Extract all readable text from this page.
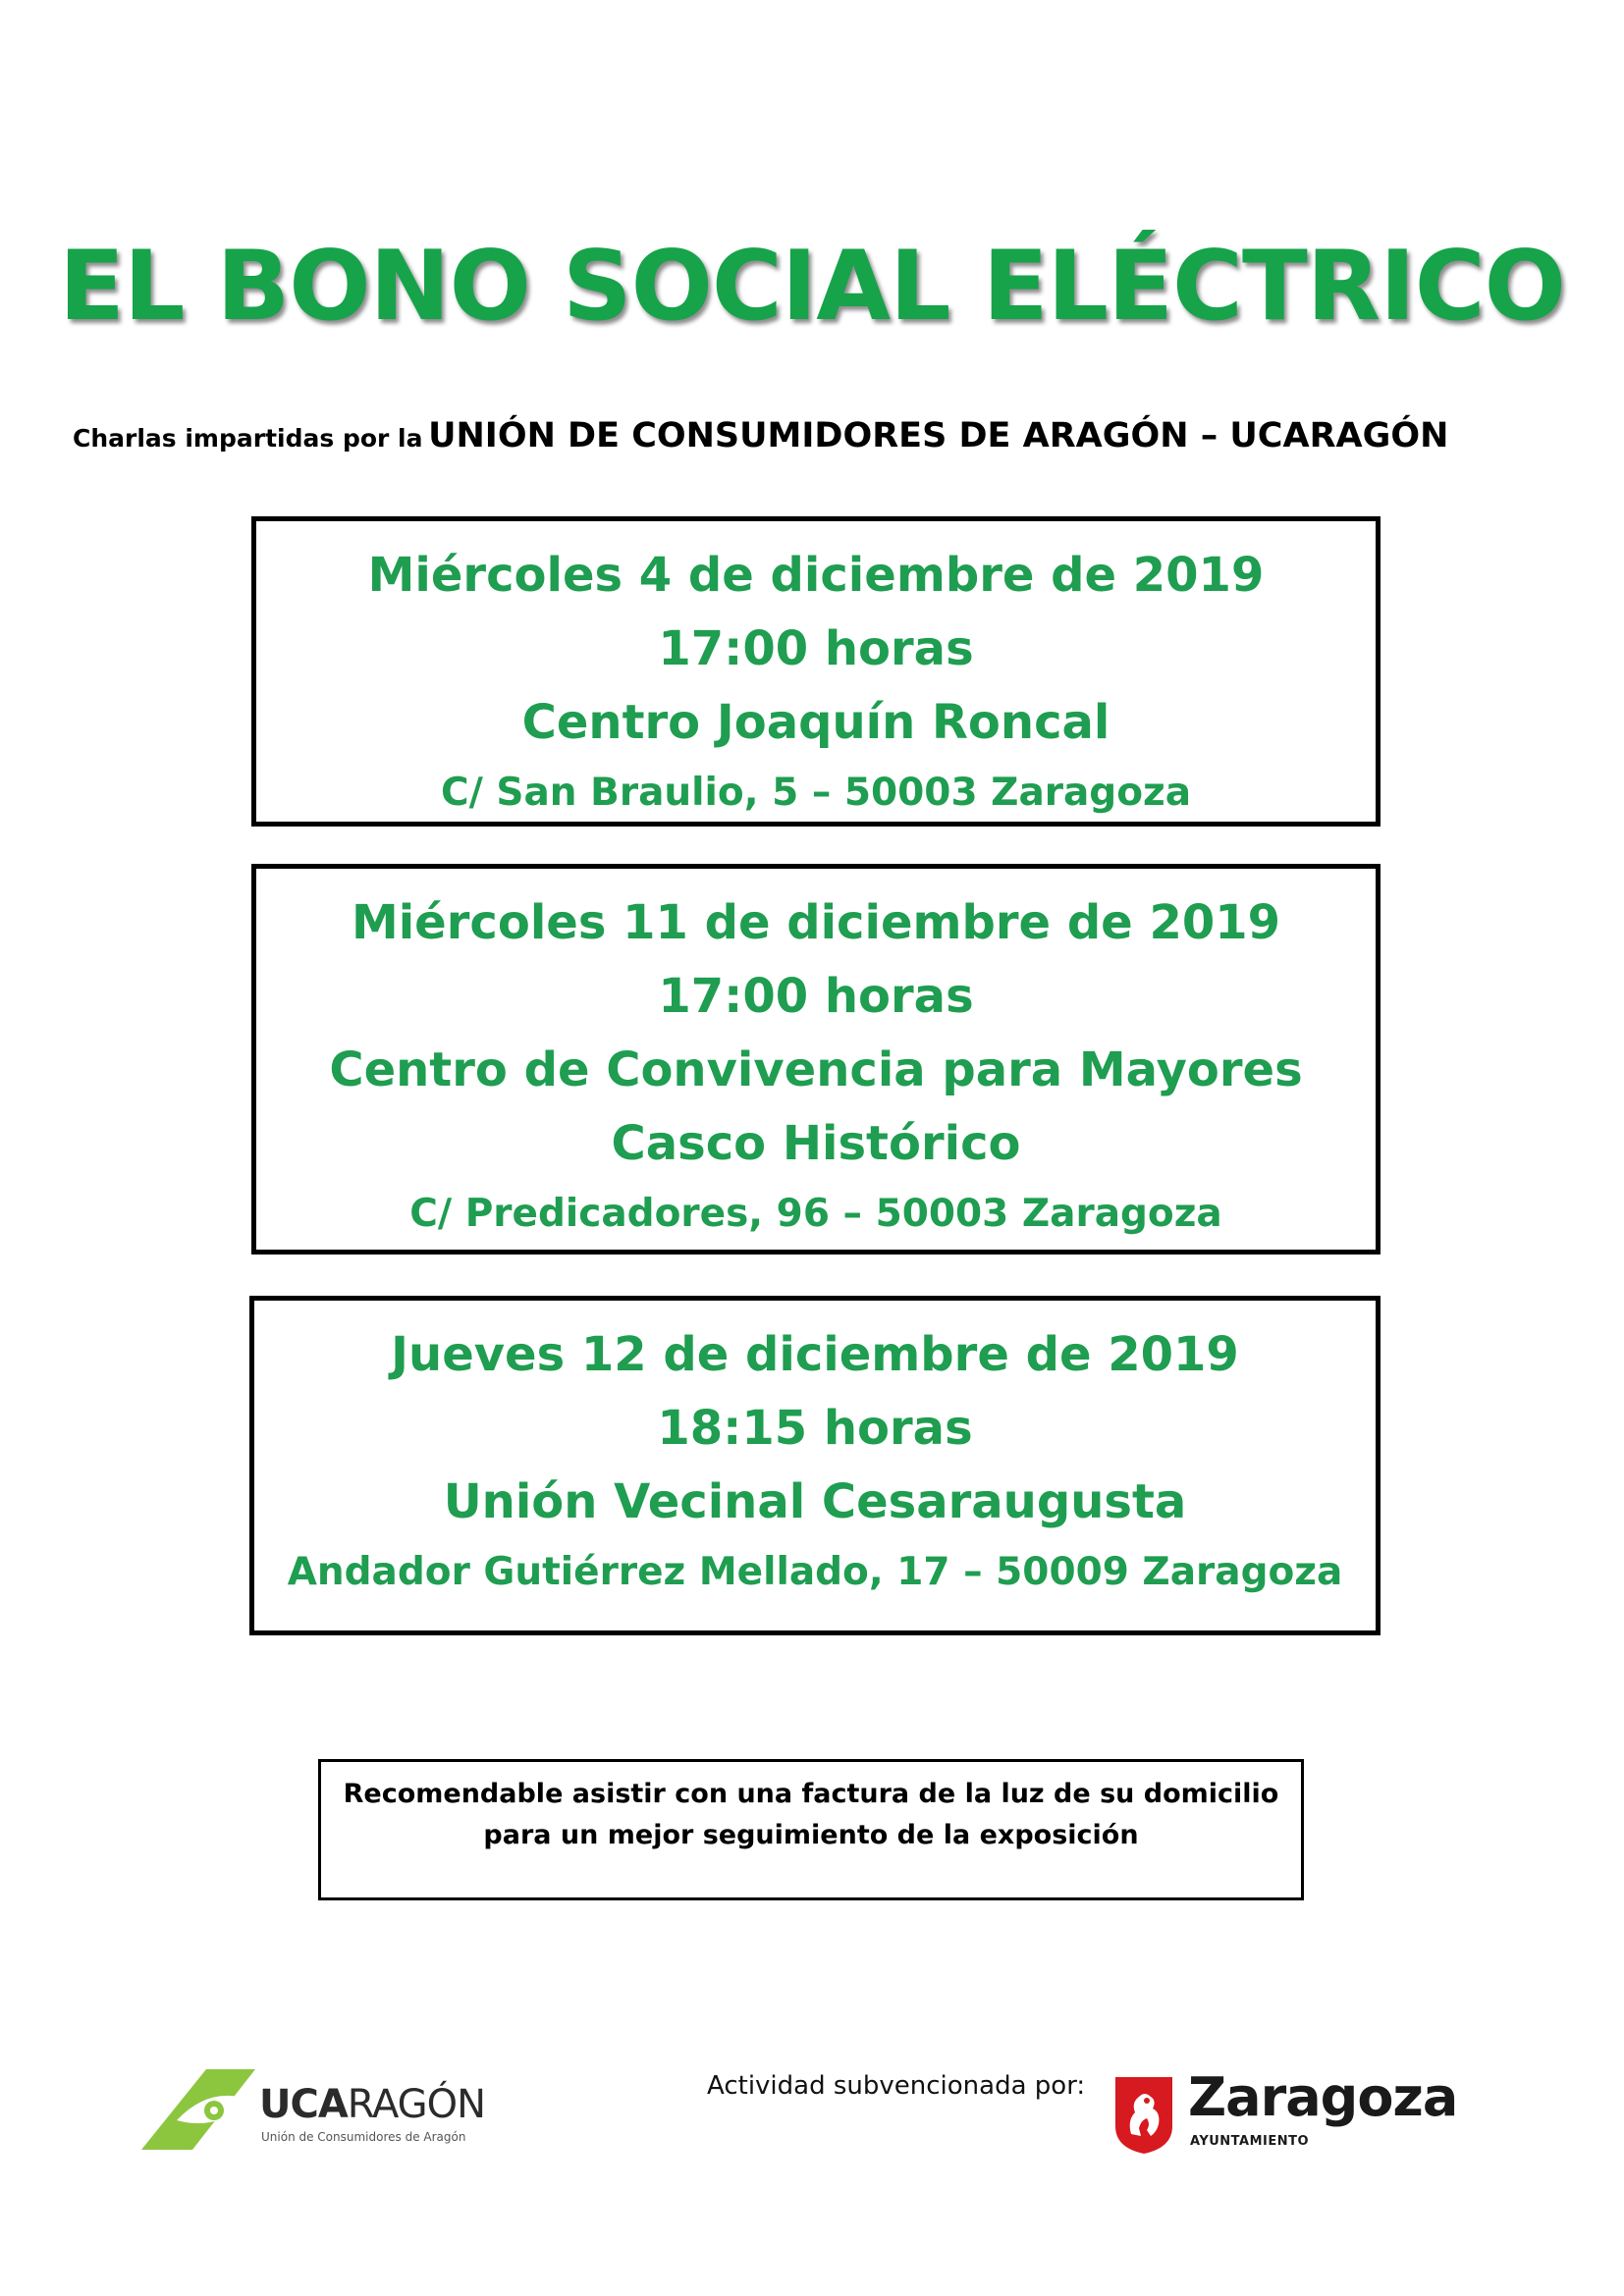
EL BONO SOCIAL ELÉCTRICO

Charlas impartidas por la UNIÓN DE CONSUMIDORES DE ARAGÓN – UCARAGÓN

Miércoles 4 de diciembre de 2019
17:00 horas
Centro Joaquín Roncal
C/ San Braulio, 5 – 50003 Zaragoza
Miércoles 11 de diciembre de 2019
17:00 horas
Centro de Convivencia para Mayores
Casco Histórico
C/ Predicadores, 96 – 50003 Zaragoza
Jueves 12 de diciembre de 2019
18:15 horas
Unión Vecinal Cesaraugusta
Andador Gutiérrez Mellado, 17 – 50009 Zaragoza
Recomendable asistir con una factura de la luz de su domicilio
para un mejor seguimiento de la exposición
UCARAGÓN
Unión de Consumidores de Aragón
Actividad subvencionada por: Zaragoza
AYUNTAMIENTO
